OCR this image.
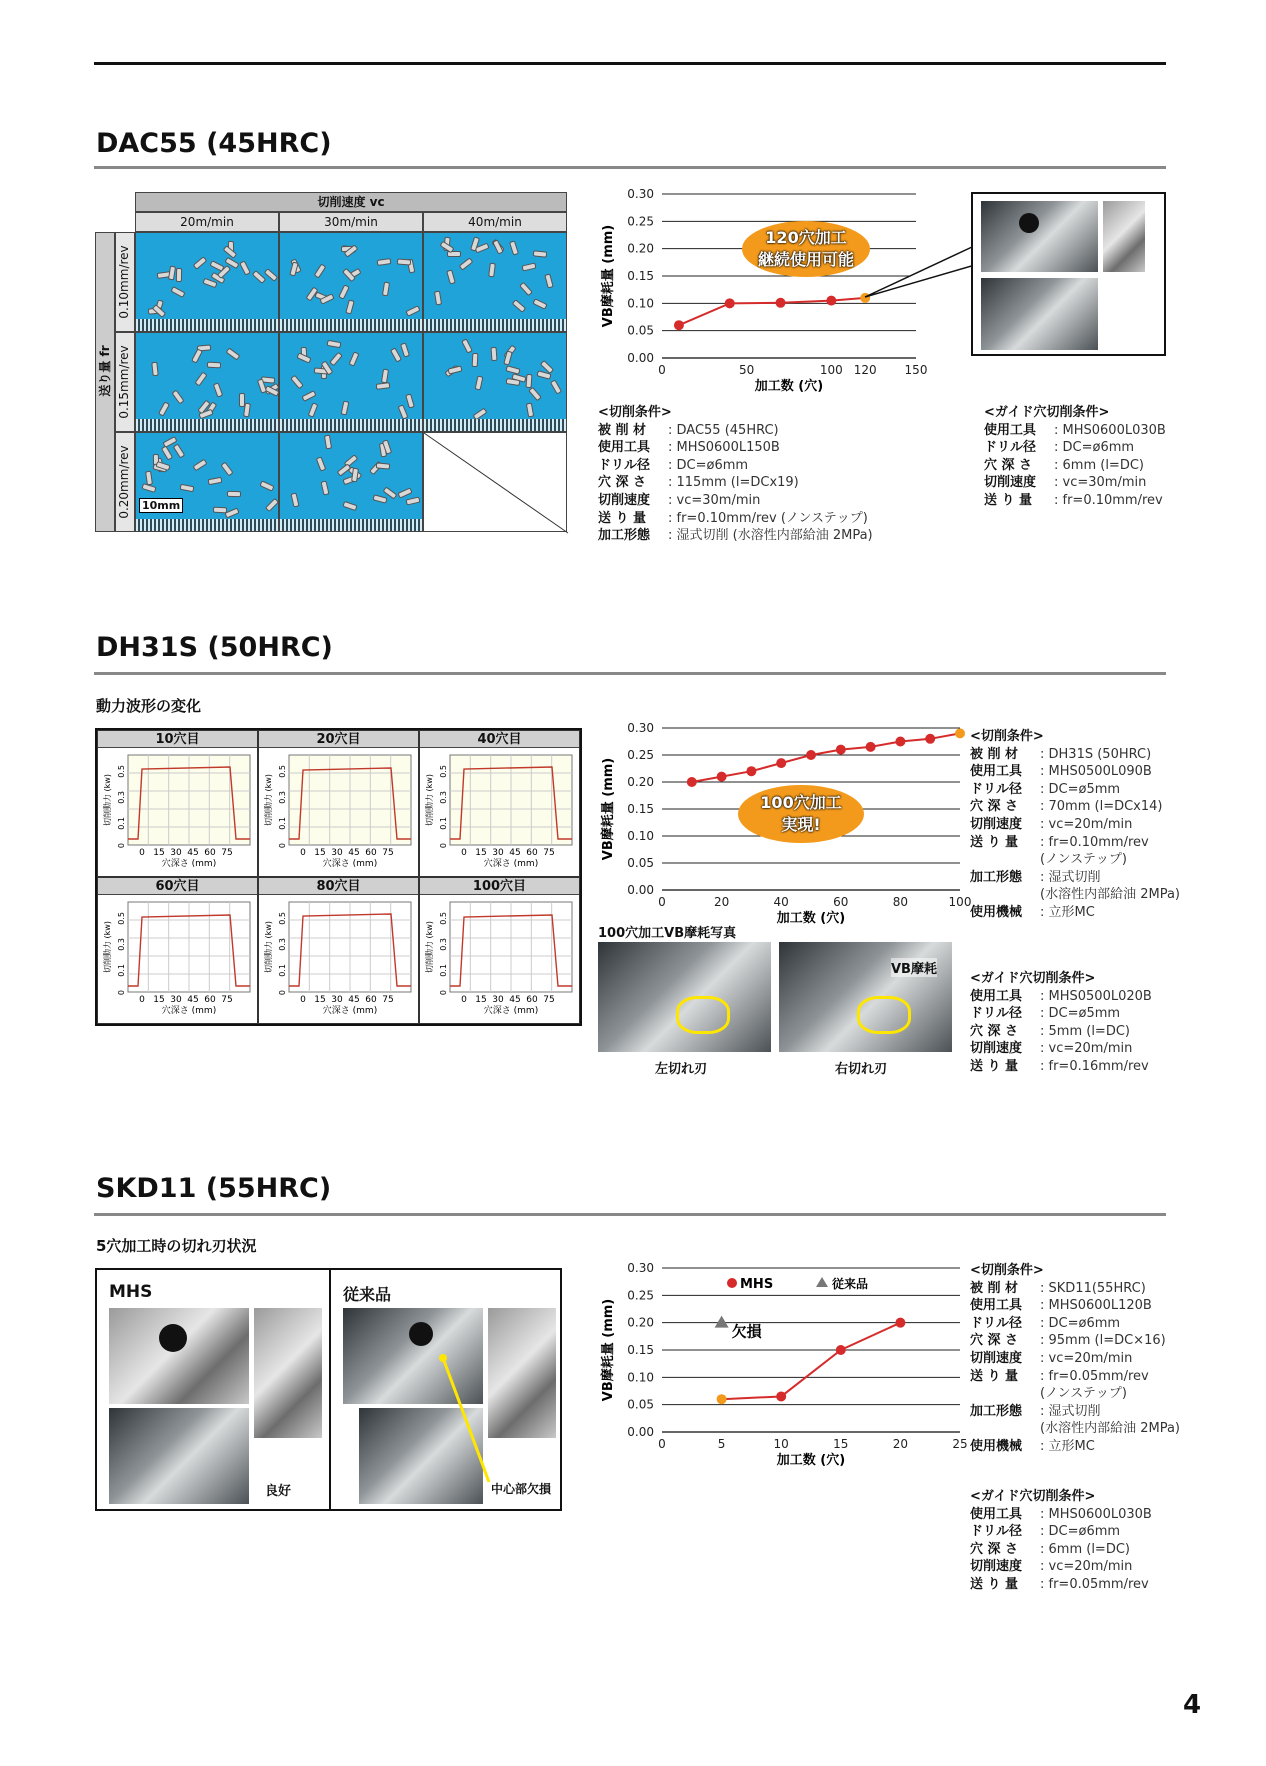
DAC55 (45HRC)
切削速度 vc
20m/min	30m/min	40m/min
送り量 fr
0.10mm/rev
0.15mm/rev
0.20mm/rev 10mm
0.00
0.05
0.10
0.15
0.20
0.25
0.30
0	50	100 120 150
加工数 (穴)
VB摩耗量 (mm)	120穴加工
継続使用可能
<切削条件>
被 削 材	: DAC55 (45HRC)
使用工具	: MHS0600L150B
ドリル径	: DC=ø6mm
穴 深 さ	: 115mm (l=DCx19)
切削速度	: vc=30m/min
送 り 量	: fr=0.10mm/rev (ノンステップ)
加工形態	: 湿式切削 (水溶性内部給油 2MPa)
<ガイド穴切削条件>
使用工具	: MHS0600L030B
ドリル径	: DC=ø6mm
穴 深 さ	: 6mm (l=DC)
切削速度	: vc=30m/min
送 り 量	: fr=0.10mm/rev
DH31S (50HRC)
動力波形の変化
10穴目
0.5
0.3
0.1
0
切削動力 (kw)
0 15 30 45 60 75
穴深さ (mm)
20穴目
0.5
0.3
0.1
0
切削動力 (kw)
0 15 30 45 60 75
穴深さ (mm)
40穴目
0.5
0.3
0.1
0
切削動力 (kw)
0 15 30 45 60 75
穴深さ (mm)
60穴目
0.5
0.3
0.1
0
切削動力 (kw)
0 15 30 45 60 75
穴深さ (mm)
80穴目
0.5
0.3
0.1
0
切削動力 (kw)
0 15 30 45 60 75
穴深さ (mm)
100穴目
0.5
0.3
0.1
0
切削動力 (kw)
0 15 30 45 60 75
穴深さ (mm)
0.00
0.05
0.10
0.15
0.20
0.25
0.30
0	20	40	60	80	100
加工数 (穴)
VB摩耗量 (mm)	100穴加工
実現!
100穴加工VB摩耗写真
VB摩耗
左切れ刃	右切れ刃
<切削条件>
被 削 材	: DH31S (50HRC)
使用工具	: MHS0500L090B
ドリル径	: DC=ø5mm
穴 深 さ	: 70mm (l=DCx14)
切削速度	: vc=20m/min
送 り 量	: fr=0.10mm/rev
(ノンステップ)
加工形態	: 湿式切削
(水溶性内部給油 2MPa)
使用機械	: 立形MC
<ガイド穴切削条件>
使用工具	: MHS0500L020B
ドリル径	: DC=ø5mm
穴 深 さ	: 5mm (l=DC)
切削速度	: vc=20m/min
送 り 量	: fr=0.16mm/rev
SKD11 (55HRC)
5穴加工時の切れ刃状況
MHS
良好
従来品
中心部欠損
0.00
0.05
0.10
0.15
0.20
0.25
0.30
0	5	10	15	20	25
加工数 (穴)
VB摩耗量 (mm)	欠損
MHS	従来品
<切削条件>
被 削 材	: SKD11(55HRC)
使用工具	: MHS0600L120B
ドリル径	: DC=ø6mm
穴 深 さ	: 95mm (l=DC×16)
切削速度	: vc=20m/min
送 り 量	: fr=0.05mm/rev
(ノンステップ)
加工形態	: 湿式切削
(水溶性内部給油 2MPa)
使用機械	: 立形MC
<ガイド穴切削条件>
使用工具	: MHS0600L030B
ドリル径	: DC=ø6mm
穴 深 さ	: 6mm (l=DC)
切削速度	: vc=20m/min
送 り 量	: fr=0.05mm/rev
4
